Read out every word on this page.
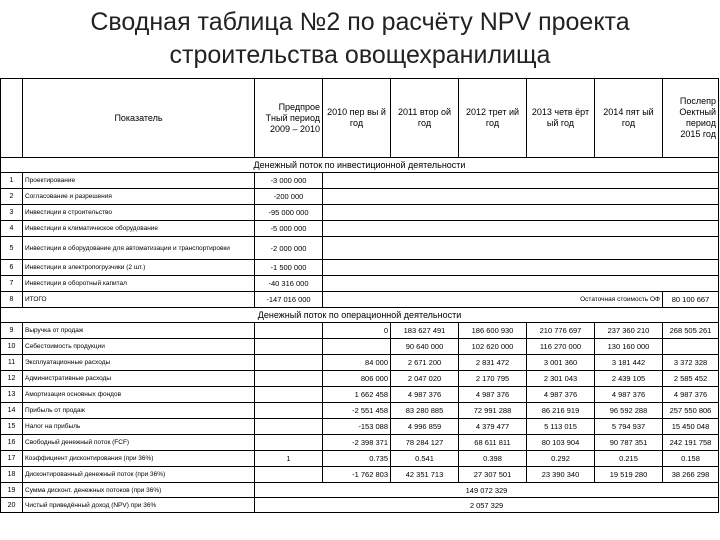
Сводная таблица №2 по расчёту NPV проекта
строительства овощехранилища
	Показатель	Предпрое Тный период 2009 – 2010	2010 пер вы й год	2011 втор ой год	2012 трет ий год	2013 четв ёрт ый год	2014 пят ый год	Послепр Оектный период 2015 год

Денежный поток по инвестиционной деятельности								
1	Проектирование	-3 000 000						
2	Согласование и разрешения	-200 000						
3	Инвестиции в строительство	-95 000 000						
4	Инвестиции в климатическое оборудование	-5 000 000						
5	Инвестиции в оборудование для автоматизации и транспортировки	-2 000 000						
6	Инвестиции в электропогрузчики (2 шт.)	-1 500 000						
7	Инвестиции в оборотный капитал	-40 316 000						
8	ИТОГО	-147 016 000	Остаточная стоимость ОФ					80 100 667
Денежный поток по операционной деятельности								
9	Выручка от продаж		0	183 627 491	186 600 930	210 776 697	237 360 210	268 505 261
10	Себестоимость продукции			90 640 000	102 620 000	116 270 000	130 160 000	
11	Эксплуатационные расходы		84 000	2 671 200	2 831 472	3 001 360	3 181 442	3 372 328
12	Административные расходы		806 000	2 047 020	2 170 795	2 301 043	2 439 105	2 585 452
13	Амортизация основных фондов		1 662 458	4 987 376	4 987 376	4 987 376	4 987 376	4 987 376
14	Прибыль от продаж		-2 551 458	83 280 885	72 991 288	86 216 919	96 592 288	257 550 806
15	Налог на прибыль		-153 088	4 996 859	4 379 477	5 113 015	5 794 937	15 450 048
16	Свободный денежный поток (FCF)		-2 398 371	78 284 127	68 611 811	80 103 904	90 787 351	242 191 758
17	Коэффициент дисконтирования (при 36%)	1	0.735	0.541	0.398	0.292	0.215	0.158
18	Дисконтированный денежный поток (при 36%)		-1 762 803	42 351 713	27 307 501	23 390 340	19 519 280	38 266 298
19	Сумма дисконт. денежных потоков (при 36%)	149 072 329						
20	Чистый приведённый доход (NPV) при 36%	2 057 329						
